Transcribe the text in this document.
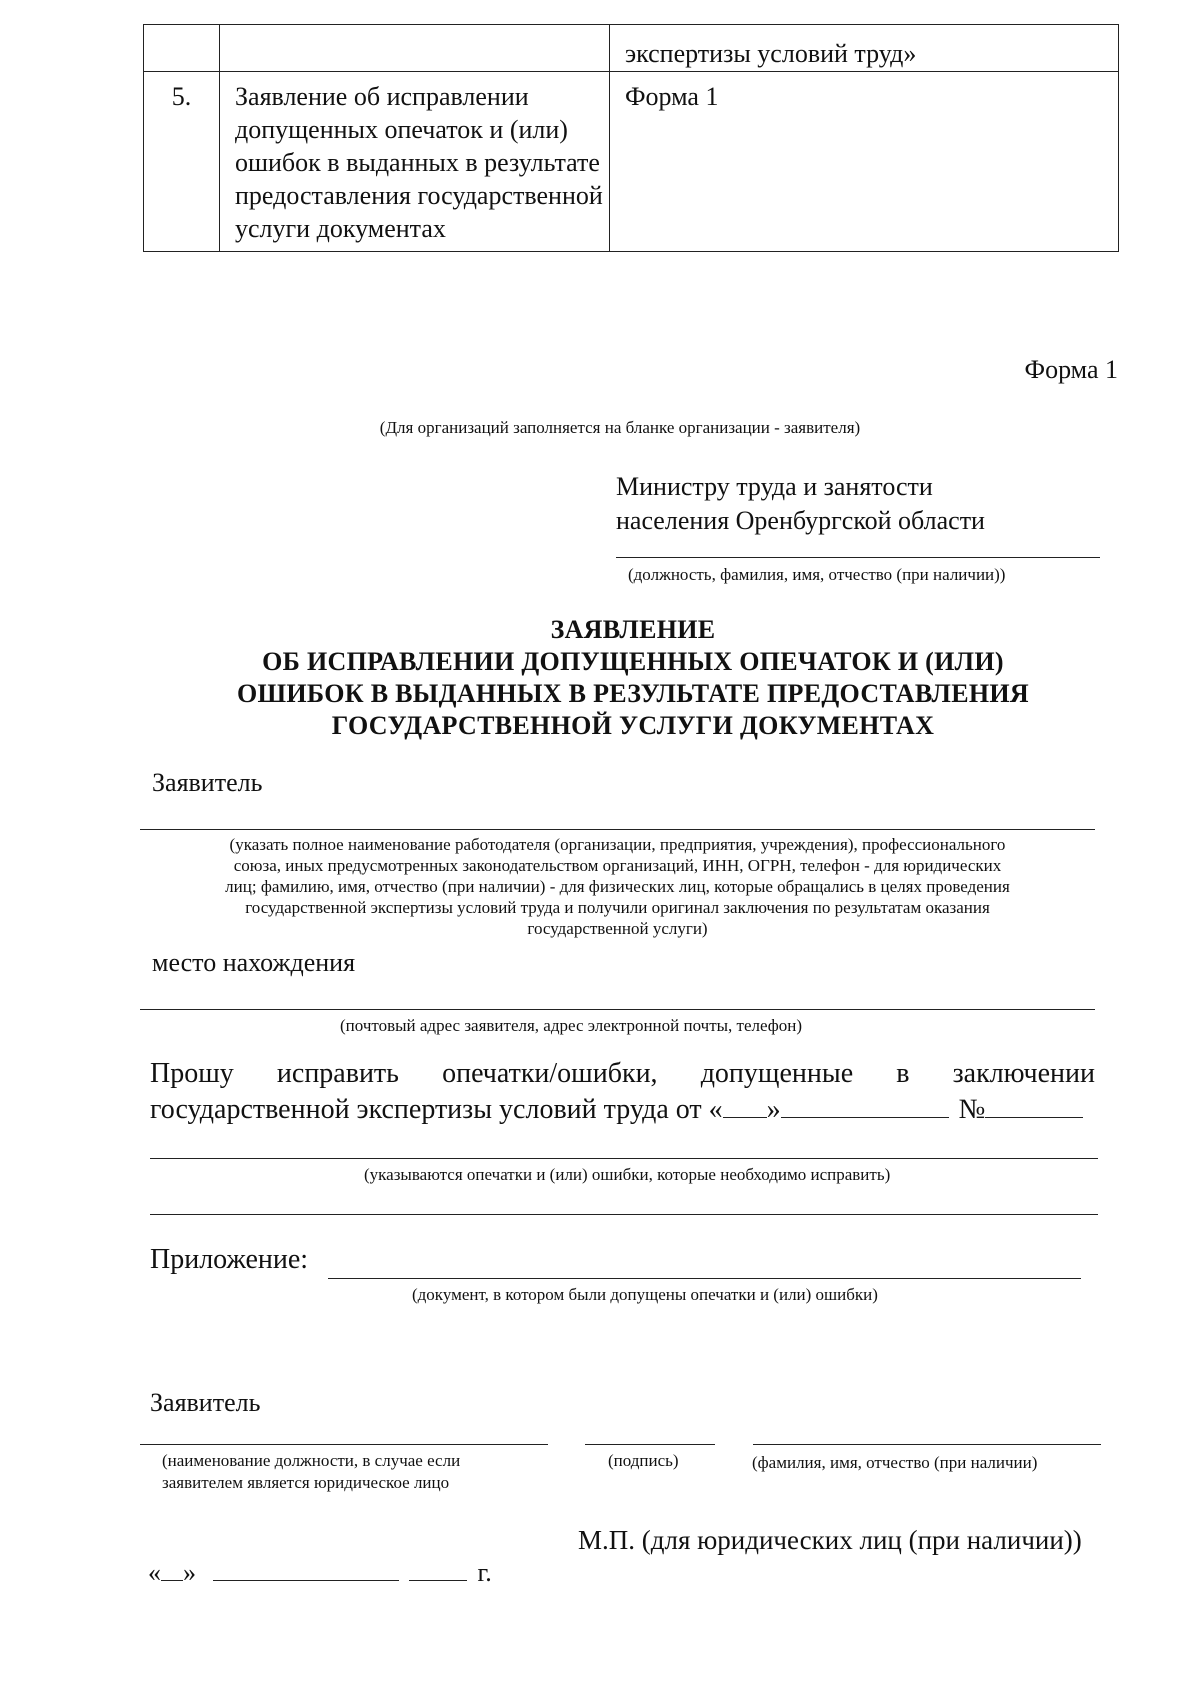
		экспертизы условий труд»

5.	Заявление об исправлении допущенных опечаток и (или) ошибок в выданных в результате предоставления государственной услуги документах	Форма 1
Форма 1
(Для организаций заполняется на бланке организации - заявителя)
Министру труда и занятости
населения Оренбургской области
(должность, фамилия, имя, отчество (при наличии))
ЗАЯВЛЕНИЕ
ОБ ИСПРАВЛЕНИИ ДОПУЩЕННЫХ ОПЕЧАТОК И (ИЛИ)
ОШИБОК В ВЫДАННЫХ В РЕЗУЛЬТАТЕ ПРЕДОСТАВЛЕНИЯ
ГОСУДАРСТВЕННОЙ УСЛУГИ ДОКУМЕНТАХ
Заявитель
(указать полное наименование работодателя (организации, предприятия, учреждения), профессионального
союза, иных предусмотренных законодательством организаций, ИНН, ОГРН, телефон - для юридических
лиц; фамилию, имя, отчество (при наличии) - для физических лиц, которые обращались в целях проведения
государственной экспертизы условий труда и получили оригинал заключения по результатам оказания
государственной услуги)
место нахождения
(почтовый адрес заявителя, адрес электронной почты, телефон)
Прошу исправить опечатки/ошибки, допущенные в заключении
государственной экспертизы условий труда от « »	№
(указываются опечатки и (или) ошибки, которые необходимо исправить)
Приложение:
(документ, в котором были допущены опечатки и (или) ошибки)
Заявитель
(наименование должности, в случае если
заявителем является юридическое лицо
(подпись)	(фамилия, имя, отчество (при наличии)
М.П. (для юридических лиц (при наличии))
« »	г.
